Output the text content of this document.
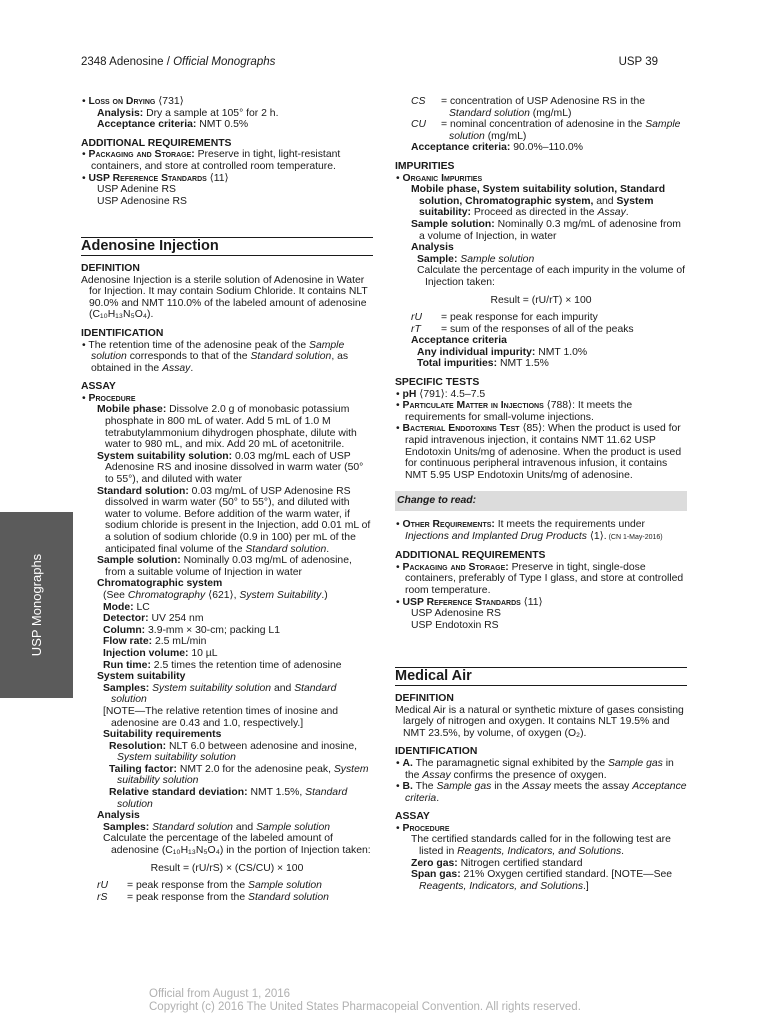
2348 Adenosine / Official Monographs	USP 39
USP Monographs
• Loss on Drying ⟨731⟩
Analysis: Dry a sample at 105° for 2 h.
Acceptance criteria: NMT 0.5%
ADDITIONAL REQUIREMENTS
• Packaging and Storage: Preserve in tight, light-resistant containers, and store at controlled room temperature.
• USP Reference Standards ⟨11⟩
USP Adenine RS
USP Adenosine RS
Adenosine Injection
DEFINITION
Adenosine Injection is a sterile solution of Adenosine in Water for Injection. It may contain Sodium Chloride. It contains NLT 90.0% and NMT 110.0% of the labeled amount of adenosine (C₁₀H₁₃N₅O₄).
IDENTIFICATION
• The retention time of the adenosine peak of the Sample solution corresponds to that of the Standard solution, as obtained in the Assay.
ASSAY
• Procedure
Mobile phase: Dissolve 2.0 g of monobasic potassium phosphate in 800 mL of water. Add 5 mL of 1.0 M tetrabutylammonium dihydrogen phosphate, dilute with water to 980 mL, and mix. Add 20 mL of acetonitrile.
System suitability solution: 0.03 mg/mL each of USP Adenosine RS and inosine dissolved in warm water (50° to 55°), and diluted with water
Standard solution: 0.03 mg/mL of USP Adenosine RS dissolved in warm water (50° to 55°), and diluted with water to volume. Before addition of the warm water, if sodium chloride is present in the Injection, add 0.01 mL of a solution of sodium chloride (0.9 in 100) per mL of the anticipated final volume of the Standard solution.
Sample solution: Nominally 0.03 mg/mL of adenosine, from a suitable volume of Injection in water
Chromatographic system
(See Chromatography ⟨621⟩, System Suitability.)
Mode: LC
Detector: UV 254 nm
Column: 3.9-mm × 30-cm; packing L1
Flow rate: 2.5 mL/min
Injection volume: 10 µL
Run time: 2.5 times the retention time of adenosine
System suitability
Samples: System suitability solution and Standard solution
[NOTE—The relative retention times of inosine and adenosine are 0.43 and 1.0, respectively.]
Suitability requirements
Resolution: NLT 6.0 between adenosine and inosine, System suitability solution
Tailing factor: NMT 2.0 for the adenosine peak, System suitability solution
Relative standard deviation: NMT 1.5%, Standard solution
Analysis
Samples: Standard solution and Sample solution
Calculate the percentage of the labeled amount of adenosine (C₁₀H₁₃N₅O₄) in the portion of Injection taken:
Result = (rU/rS) × (CS/CU) × 100
rU	= peak response from the Sample solution
rS	= peak response from the Standard solution
CS	= concentration of USP Adenosine RS in the Standard solution (mg/mL)
CU	= nominal concentration of adenosine in the Sample solution (mg/mL)
Acceptance criteria: 90.0%–110.0%
IMPURITIES
• Organic Impurities
Mobile phase, System suitability solution, Standard solution, Chromatographic system, and System suitability: Proceed as directed in the Assay.
Sample solution: Nominally 0.3 mg/mL of adenosine from a volume of Injection, in water
Analysis
Sample: Sample solution
Calculate the percentage of each impurity in the volume of Injection taken:
Result = (rU/rT) × 100
rU	= peak response for each impurity
rT	= sum of the responses of all of the peaks
Acceptance criteria
Any individual impurity: NMT 1.0%
Total impurities: NMT 1.5%
SPECIFIC TESTS
• pH ⟨791⟩: 4.5–7.5
• Particulate Matter in Injections ⟨788⟩: It meets the requirements for small-volume injections.
• Bacterial Endotoxins Test ⟨85⟩: When the product is used for rapid intravenous injection, it contains NMT 11.62 USP Endotoxin Units/mg of adenosine. When the product is used for continuous peripheral intravenous infusion, it contains NMT 5.95 USP Endotoxin Units/mg of adenosine.
Change to read:
• Other Requirements: It meets the requirements under Injections and Implanted Drug Products ⟨1⟩. (CN 1-May-2016)
ADDITIONAL REQUIREMENTS
• Packaging and Storage: Preserve in tight, single-dose containers, preferably of Type I glass, and store at controlled room temperature.
• USP Reference Standards ⟨11⟩
USP Adenosine RS
USP Endotoxin RS
Medical Air
DEFINITION
Medical Air is a natural or synthetic mixture of gases consisting largely of nitrogen and oxygen. It contains NLT 19.5% and NMT 23.5%, by volume, of oxygen (O₂).
IDENTIFICATION
• A. The paramagnetic signal exhibited by the Sample gas in the Assay confirms the presence of oxygen.
• B. The Sample gas in the Assay meets the assay Acceptance criteria.
ASSAY
• Procedure
The certified standards called for in the following test are listed in Reagents, Indicators, and Solutions.
Zero gas: Nitrogen certified standard
Span gas: 21% Oxygen certified standard. [NOTE—See Reagents, Indicators, and Solutions.]
Official from August 1, 2016
Copyright (c) 2016 The United States Pharmacopeial Convention. All rights reserved.
